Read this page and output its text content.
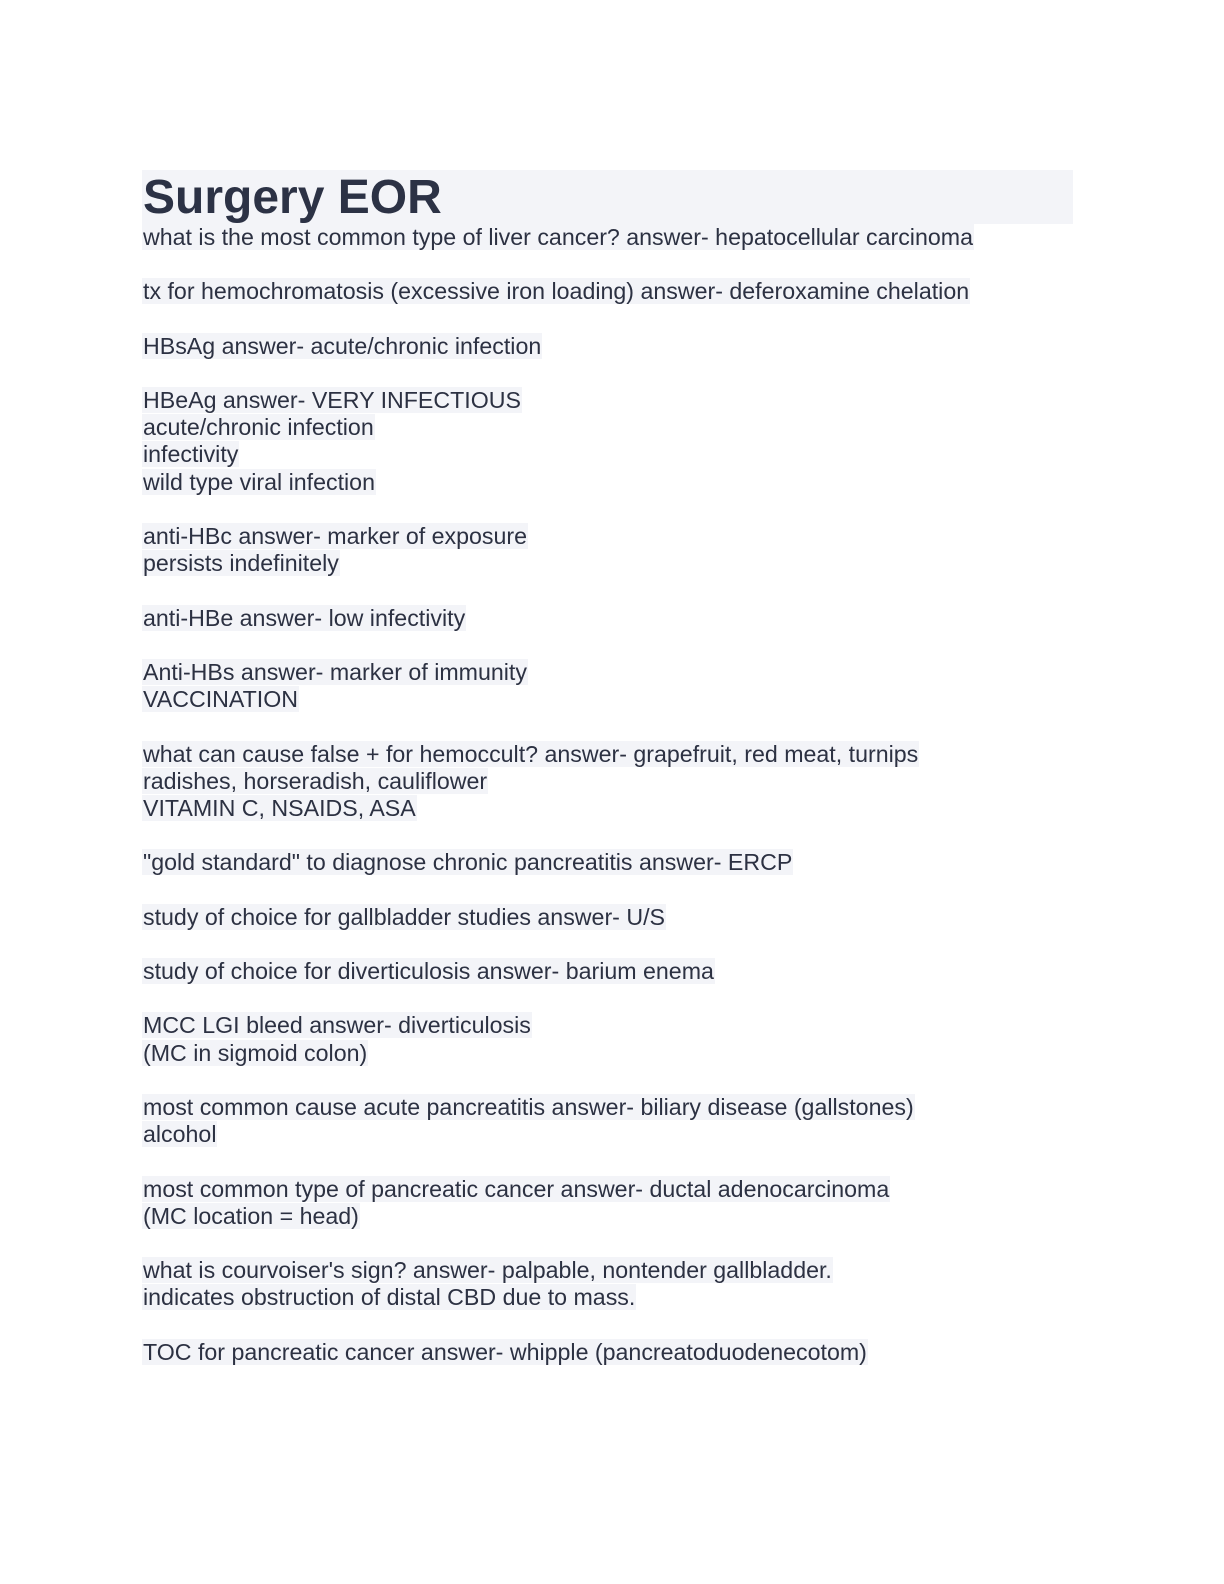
Surgery EOR
what is the most common type of liver cancer? answer- hepatocellular carcinoma
tx for hemochromatosis (excessive iron loading) answer- deferoxamine chelation
HBsAg answer- acute/chronic infection
HBeAg answer- VERY INFECTIOUS
acute/chronic infection
infectivity
wild type viral infection
anti-HBc answer- marker of exposure
persists indefinitely
anti-HBe answer- low infectivity
Anti-HBs answer- marker of immunity
VACCINATION
what can cause false + for hemoccult? answer- grapefruit, red meat, turnips
radishes, horseradish, cauliflower
VITAMIN C, NSAIDS, ASA
"gold standard" to diagnose chronic pancreatitis answer- ERCP
study of choice for gallbladder studies answer- U/S
study of choice for diverticulosis answer- barium enema
MCC LGI bleed answer- diverticulosis
(MC in sigmoid colon)
most common cause acute pancreatitis answer- biliary disease (gallstones)
alcohol
most common type of pancreatic cancer answer- ductal adenocarcinoma
(MC location = head)
what is courvoiser's sign? answer- palpable, nontender gallbladder.
indicates obstruction of distal CBD due to mass.
TOC for pancreatic cancer answer- whipple (pancreatoduodenecotom)
